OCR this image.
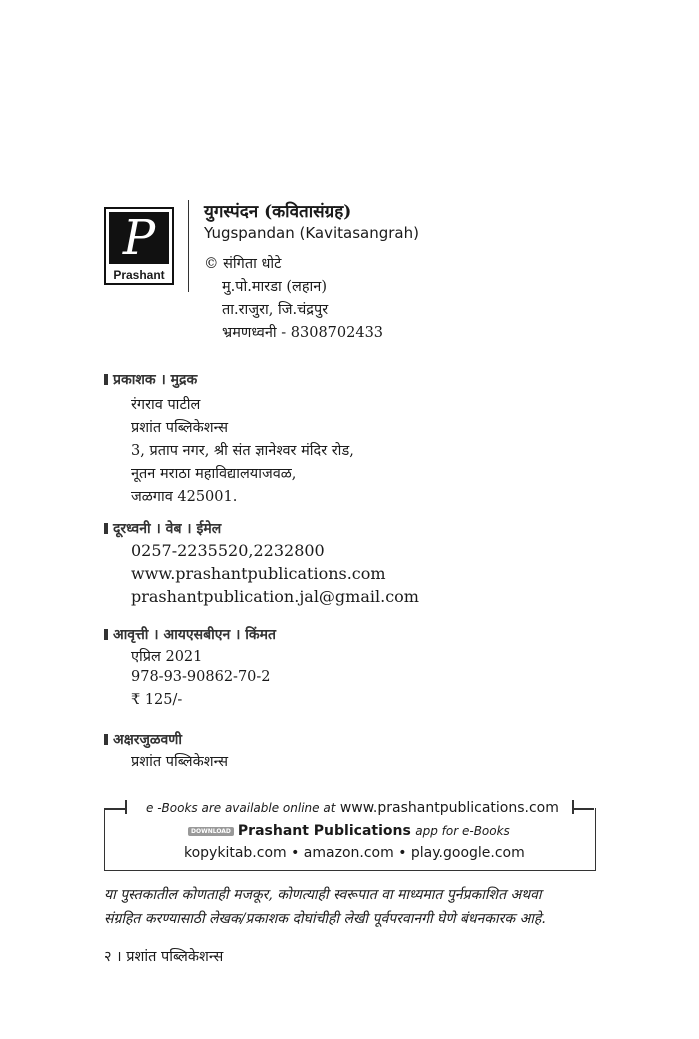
P
Prashant
युगस्पंदन (कवितासंग्रह)
Yugspandan (Kavitasangrah)
© संगिता धोटे
मु.पो.मारडा (लहान)
ता.राजुरा, जि.चंद्रपुर
भ्रमणध्वनी - 8308702433
प्रकाशक । मुद्रक
रंगराव पाटील
प्रशांत पब्लिकेशन्स
3, प्रताप नगर, श्री संत ज्ञानेश्वर मंदिर रोड,
नूतन मराठा महाविद्यालयाजवळ,
जळगाव 425001.
दूरध्वनी । वेब । ईमेल
0257-2235520,2232800
www.prashantpublications.com
prashantpublication.jal@gmail.com
आवृत्ती । आयएसबीएन । किंमत
एप्रिल 2021
978-93-90862-70-2
₹ 125/-
अक्षरजुळवणी
प्रशांत पब्लिकेशन्स
e -Books are available online at www.prashantpublications.com
DOWNLOAD Prashant Publications app for e-Books
kopykitab.com • amazon.com • play.google.com
या पुस्तकातील कोणताही मजकूर, कोणत्याही स्वरूपात वा माध्यमात पुर्नप्रकाशित अथवा
संग्रहित करण्यासाठी लेखक/प्रकाशक दोघांचीही लेखी पूर्वपरवानगी घेणे बंधनकारक आहे.
२ । प्रशांत पब्लिकेशन्स
